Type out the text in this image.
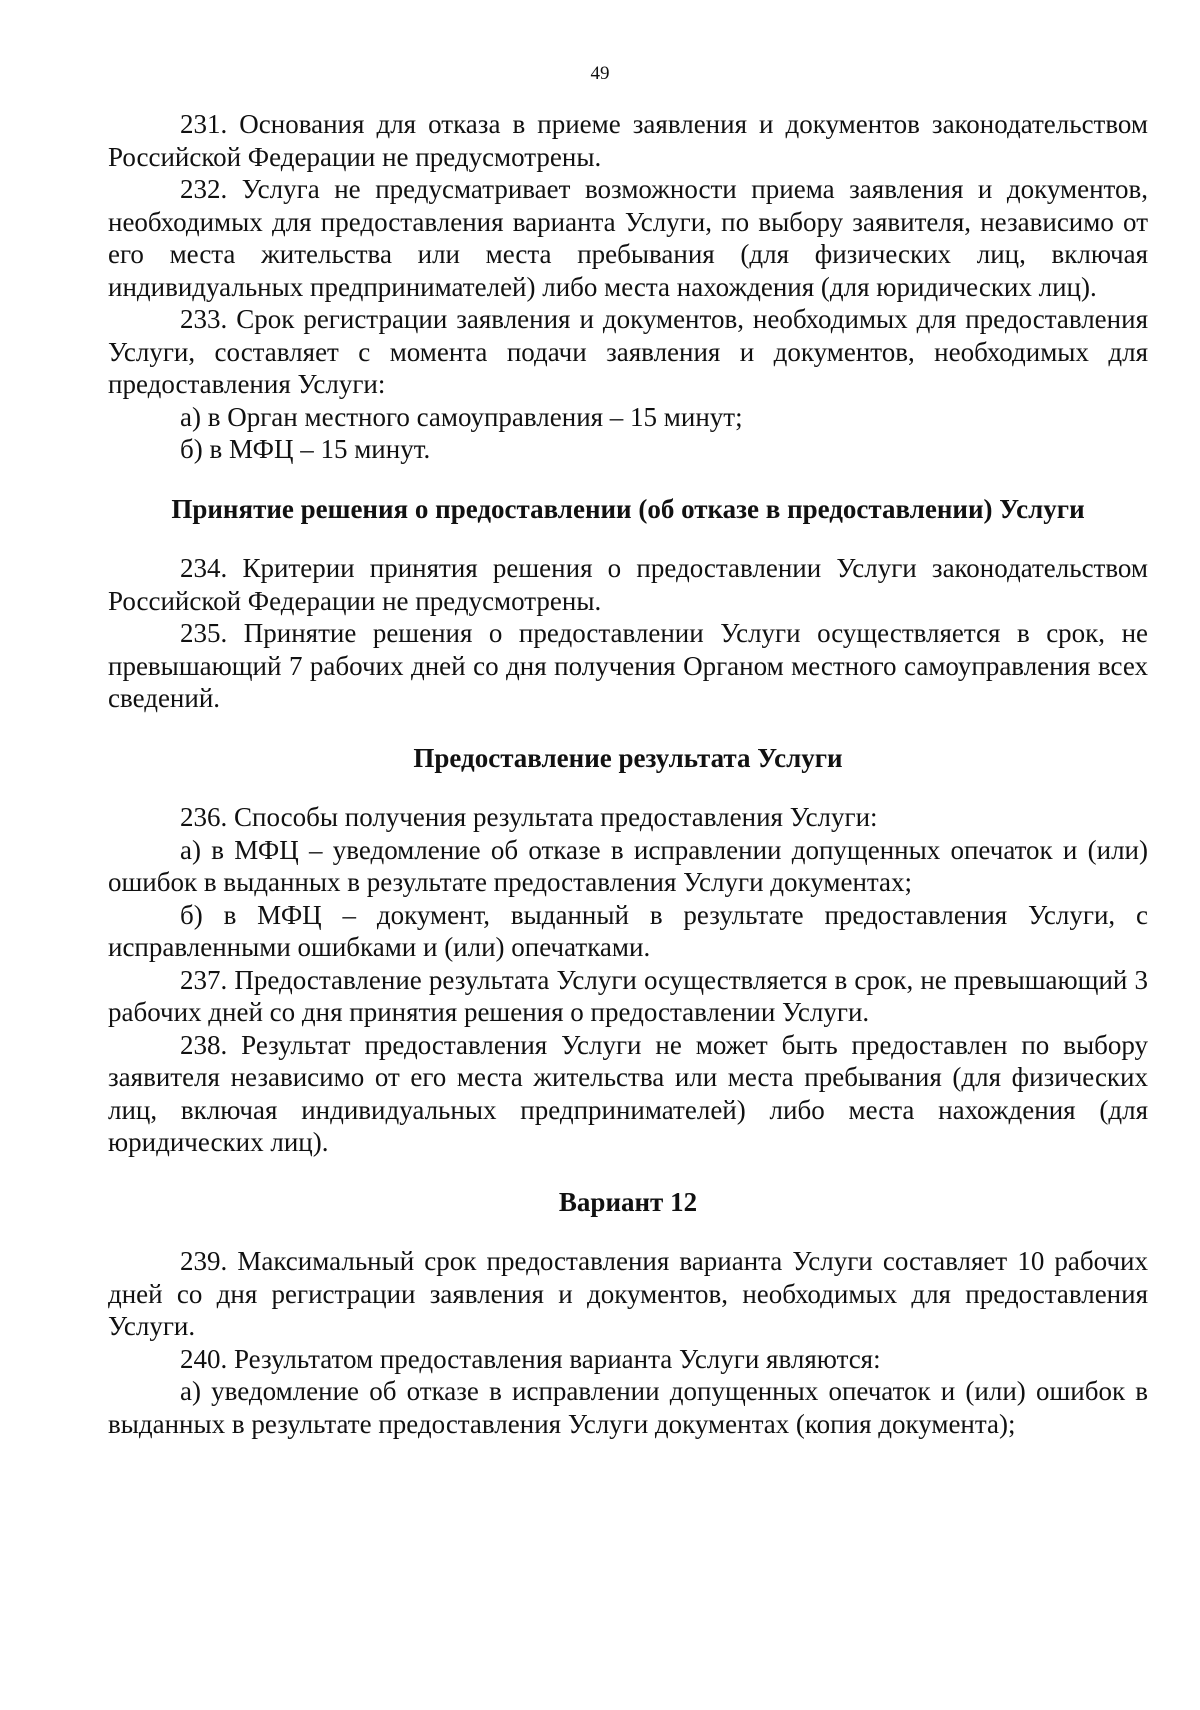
49

231. Основания для отказа в приеме заявления и документов законодательством Российской Федерации не предусмотрены.

232. Услуга не предусматривает возможности приема заявления и документов, необходимых для предоставления варианта Услуги, по выбору заявителя, независимо от его места жительства или места пребывания (для физических лиц, включая индивидуальных предпринимателей) либо места нахождения (для юридических лиц).

233. Срок регистрации заявления и документов, необходимых для предоставления Услуги, составляет с момента подачи заявления и документов, необходимых для предоставления Услуги:

а) в Орган местного самоуправления – 15 минут;

б) в МФЦ – 15 минут.

Принятие решения о предоставлении (об отказе в предоставлении) Услуги

234. Критерии принятия решения о предоставлении Услуги законодательством Российской Федерации не предусмотрены.

235. Принятие решения о предоставлении Услуги осуществляется в срок, не превышающий 7 рабочих дней со дня получения Органом местного самоуправления всех сведений.

Предоставление результата Услуги

236. Способы получения результата предоставления Услуги:

а) в МФЦ – уведомление об отказе в исправлении допущенных опечаток и (или) ошибок в выданных в результате предоставления Услуги документах;

б) в МФЦ – документ, выданный в результате предоставления Услуги, с исправленными ошибками и (или) опечатками.

237. Предоставление результата Услуги осуществляется в срок, не превышающий 3 рабочих дней со дня принятия решения о предоставлении Услуги.

238. Результат предоставления Услуги не может быть предоставлен по выбору заявителя независимо от его места жительства или места пребывания (для физических лиц, включая индивидуальных предпринимателей) либо места нахождения (для юридических лиц).

Вариант 12

239. Максимальный срок предоставления варианта Услуги составляет 10 рабочих дней со дня регистрации заявления и документов, необходимых для предоставления Услуги.

240. Результатом предоставления варианта Услуги являются:

а) уведомление об отказе в исправлении допущенных опечаток и (или) ошибок в выданных в результате предоставления Услуги документах (копия документа);
